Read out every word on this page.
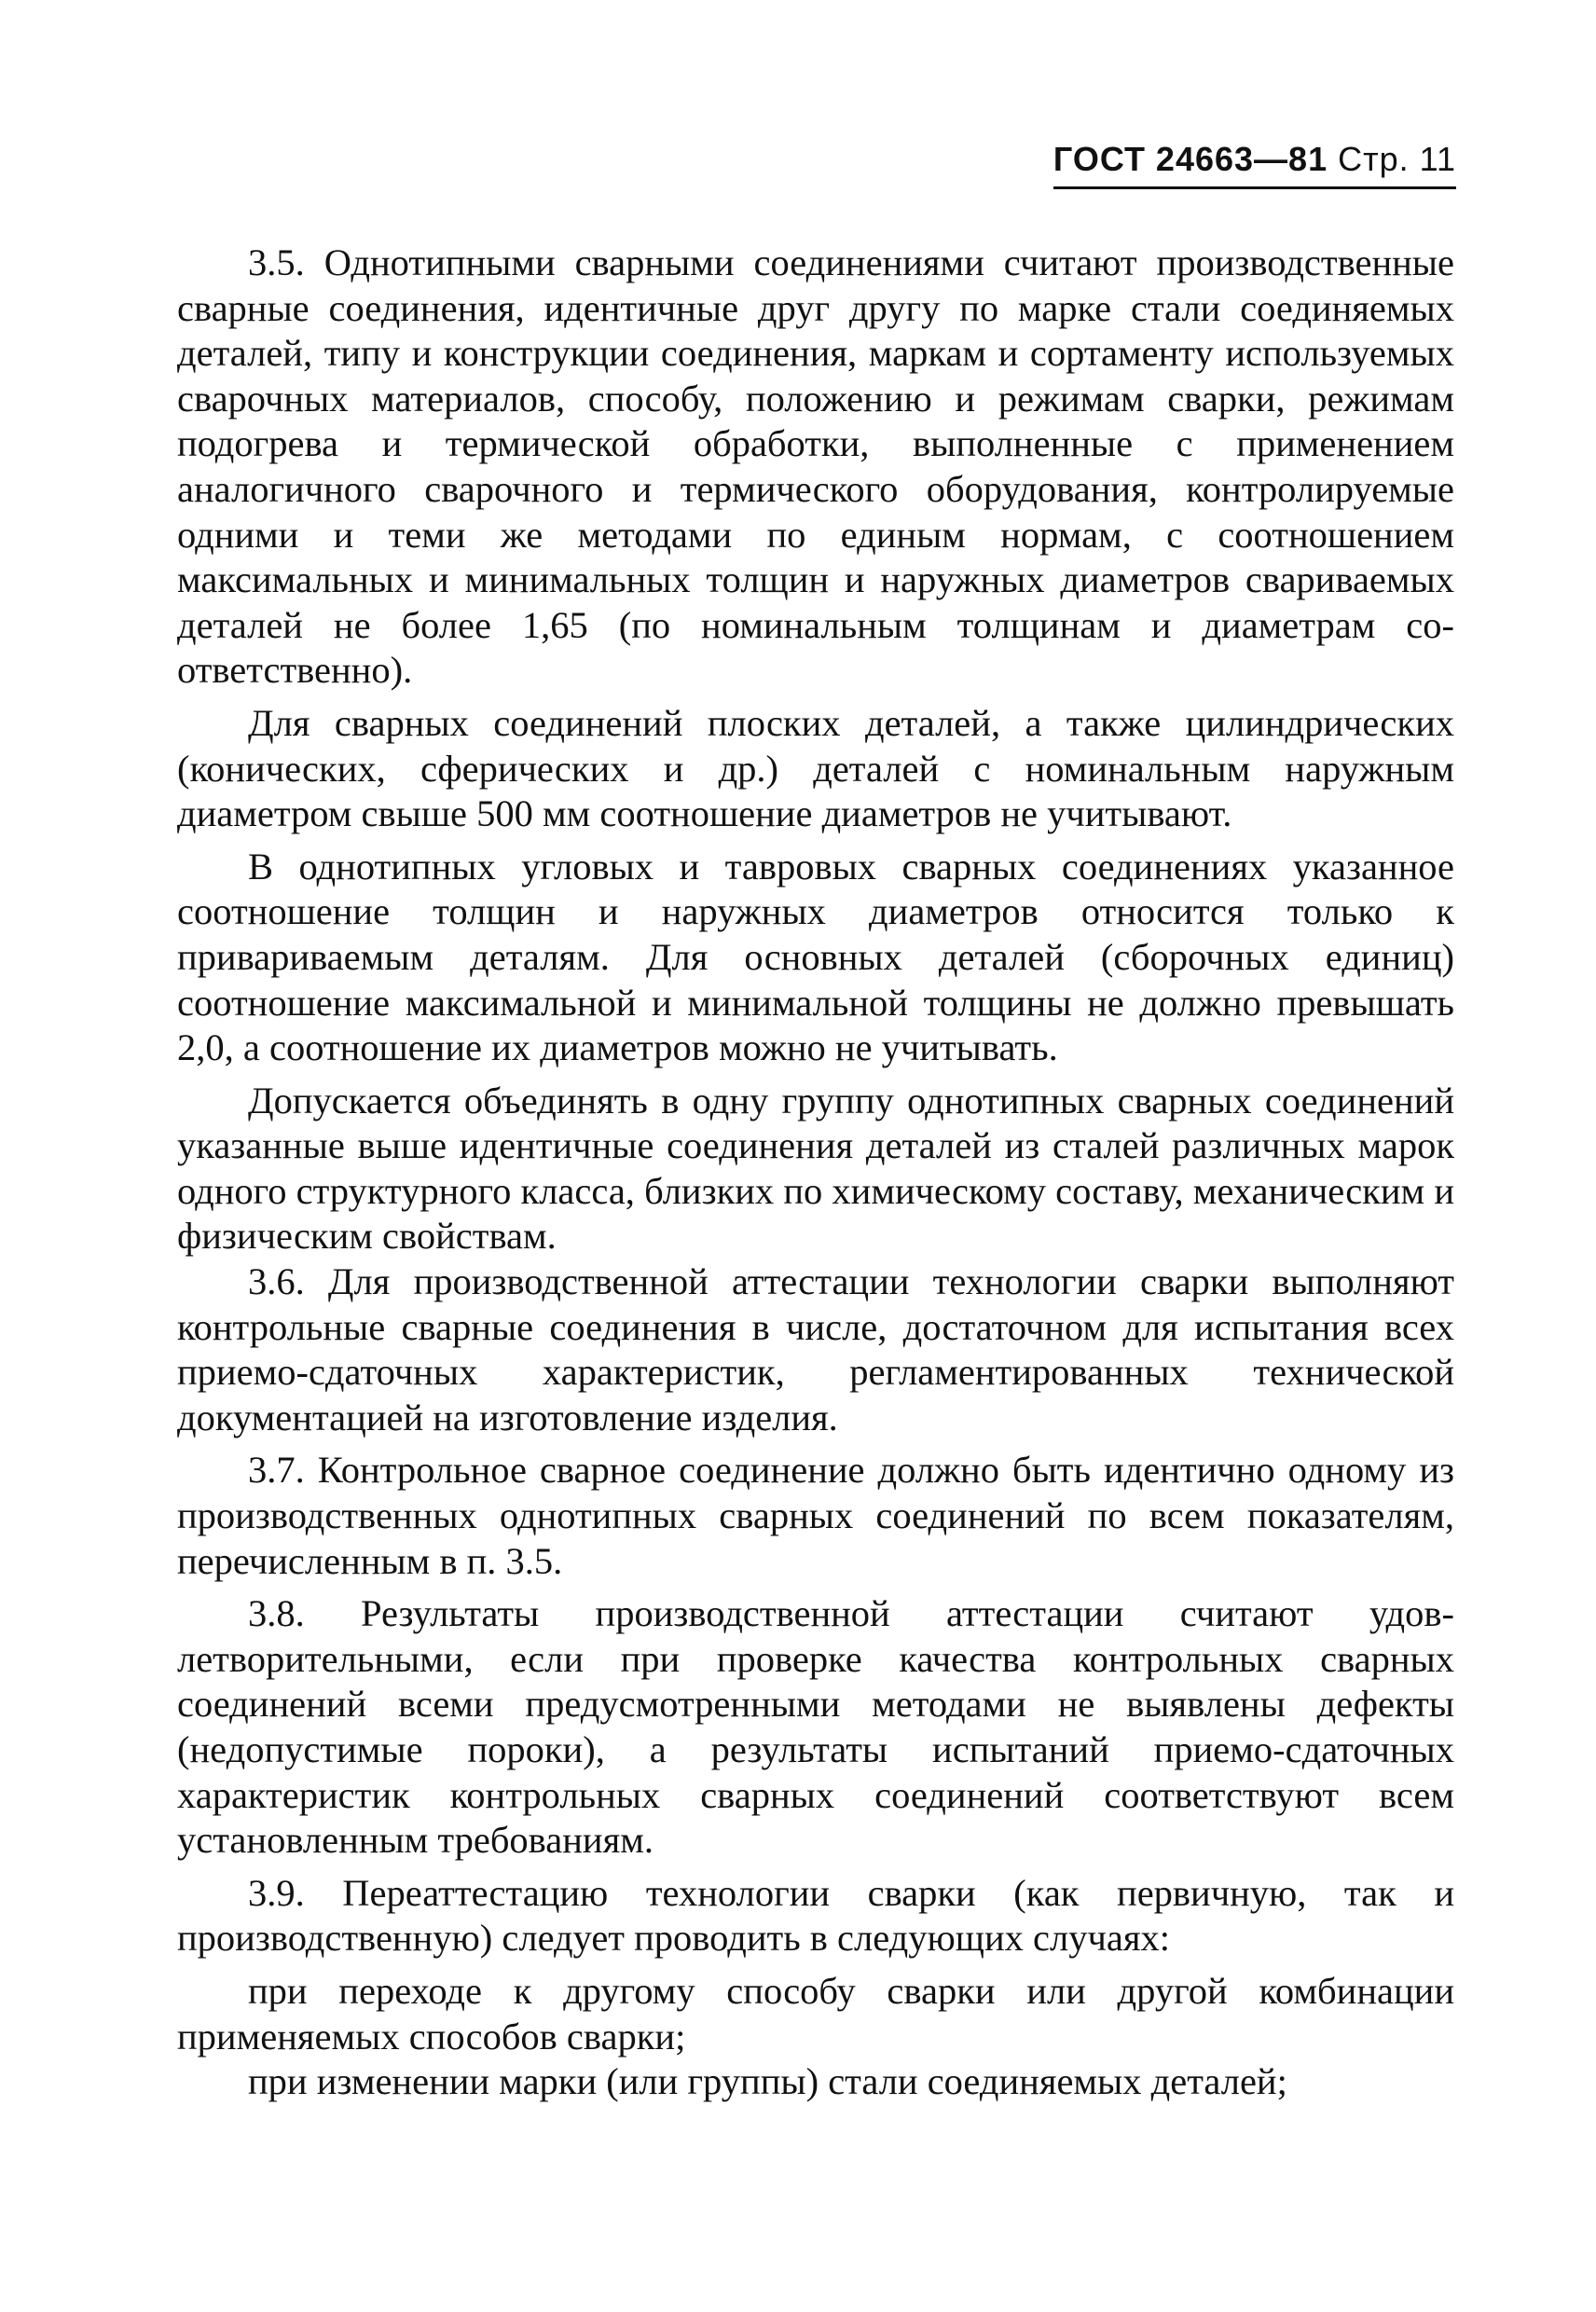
ГОСТ 24663—81 Стр. 11

3.5. Однотипными сварными соединениями считают производственные сварные соединения, идентичные друг другу по марке стали соединяемых деталей, типу и конструкции соединения, маркам и сортаменту используемых сварочных материалов, способу, положению и режимам сварки, режимам подогрева и термической обработки, выполненные с применением аналогичного сварочного и термического оборудования, контролируемые одними и теми же методами по единым нормам, с соотношением максимальных и минимальных толщин и наружных диаметров свариваемых деталей не более 1,65 (по номинальным толщинам и диаметрам соответственно).

Для сварных соединений плоских деталей, а также цилиндрических (конических, сферических и др.) деталей с номинальным наружным диаметром свыше 500 мм соотношение диаметров не учитывают.

В однотипных угловых и тавровых сварных соединениях указанное соотношение толщин и наружных диаметров относится только к привариваемым деталям. Для основных деталей (сборочных единиц) соотношение максимальной и минимальной толщины не должно превышать 2,0, а соотношение их диаметров можно не учитывать.

Допускается объединять в одну группу однотипных сварных соединений указанные выше идентичные соединения деталей из сталей различных марок одного структурного класса, близких по химическому составу, механическим и физическим свойствам.

3.6. Для производственной аттестации технологии сварки выполняют контрольные сварные соединения в числе, достаточном для испытания всех приемо-сдаточных характеристик, регламентированных технической документацией на изготовление изделия.

3.7. Контрольное сварное соединение должно быть идентично одному из производственных однотипных сварных соединений по всем показателям, перечисленным в п. 3.5.

3.8. Результаты производственной аттестации считают удовлетворительными, если при проверке качества контрольных сварных соединений всеми предусмотренными методами не выявлены дефекты (недопустимые пороки), а результаты испытаний приемо-сдаточных характеристик контрольных сварных соединений соответствуют всем установленным требованиям.

3.9. Переаттестацию технологии сварки (как первичную, так и производственную) следует проводить в следующих случаях:

при переходе к другому способу сварки или другой комбинации применяемых способов сварки;

при изменении марки (или группы) стали соединяемых деталей;
